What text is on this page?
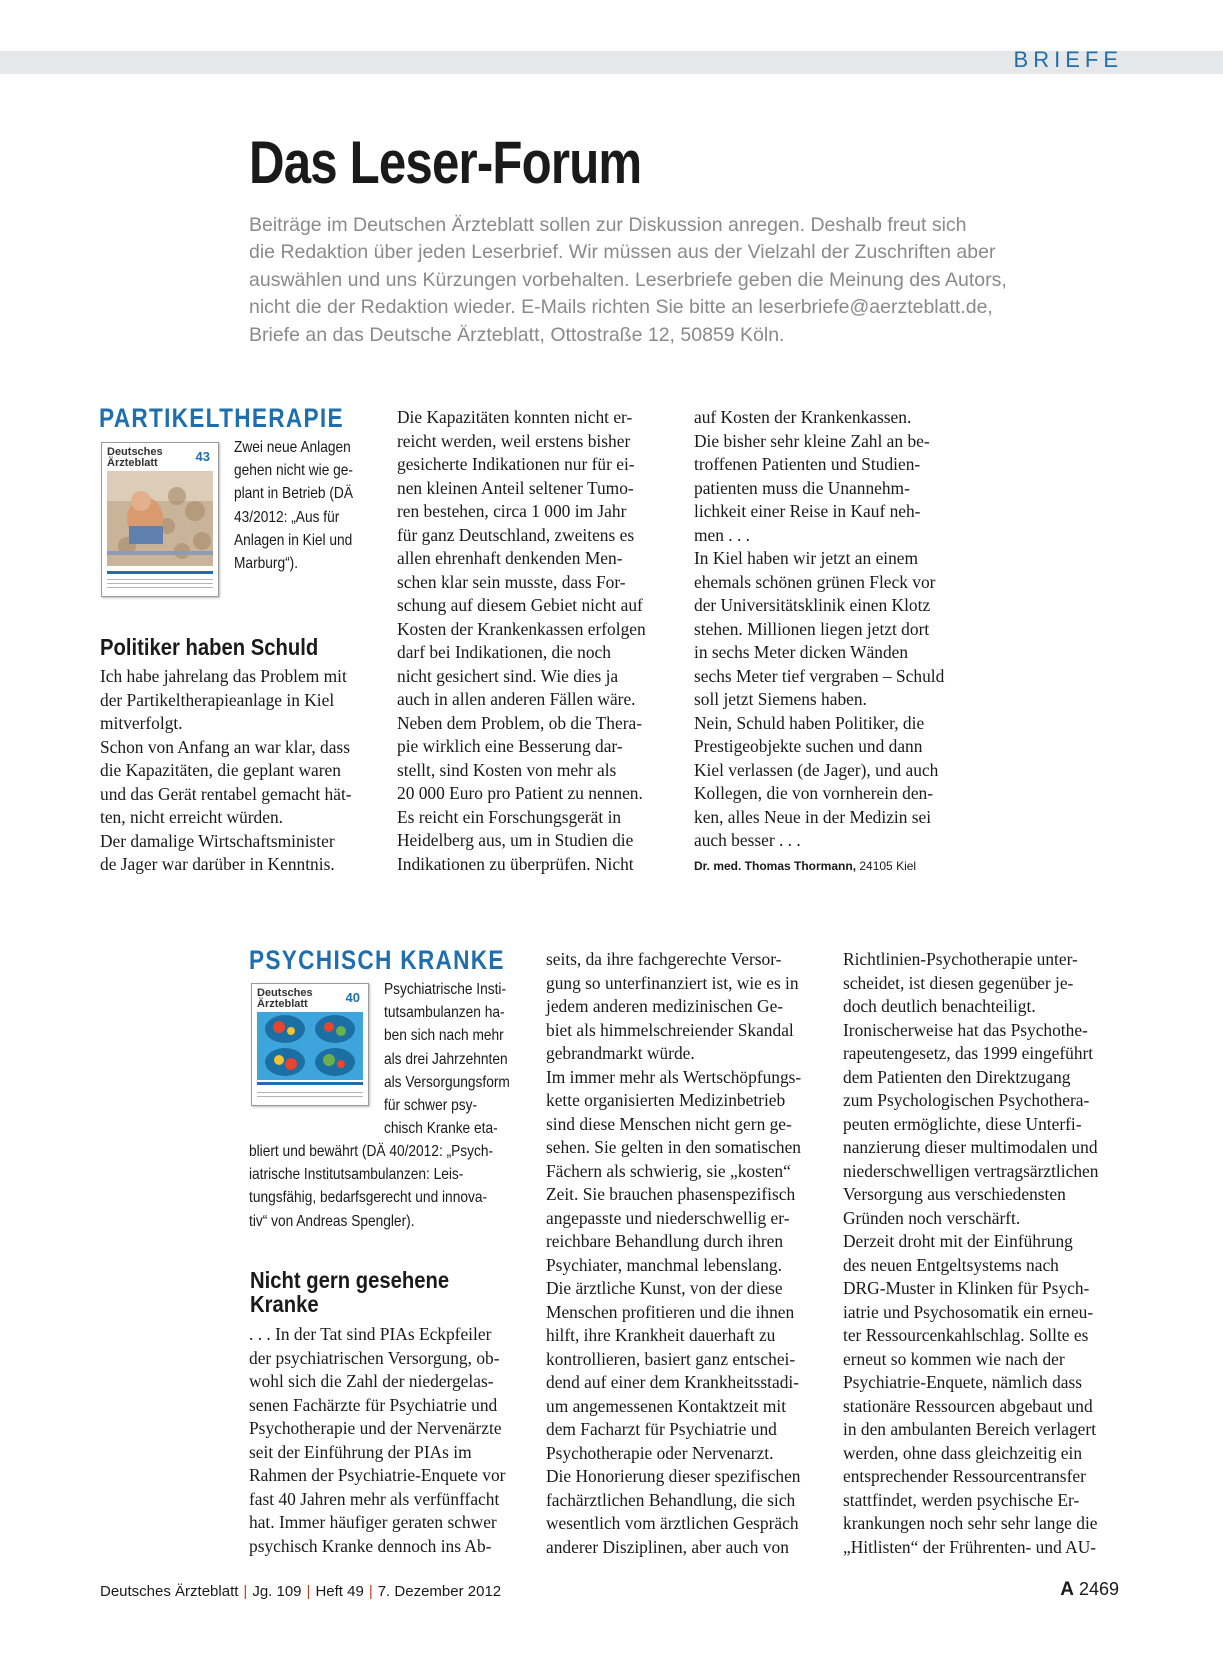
BRIEFE
Das Leser-Forum
Beiträge im Deutschen Ärzteblatt sollen zur Diskussion anregen. Deshalb freut sich
die Redaktion über jeden Leserbrief. Wir müssen aus der Vielzahl der Zuschriften aber
auswählen und uns Kürzungen vorbehalten. Leserbriefe geben die Meinung des Autors,
nicht die der Redaktion wieder. E-Mails richten Sie bitte an leserbriefe@aerzteblatt.de,
Briefe an das Deutsche Ärzteblatt, Ottostraße 12, 50859 Köln.
PARTIKELTHERAPIE
Deutsches
Ärzteblatt	43
Zwei neue Anlagen
gehen nicht wie ge-
plant in Betrieb (DÄ
43/2012: „Aus für
Anlagen in Kiel und
Marburg“).
Politiker haben Schuld
Ich habe jahrelang das Problem mit
der Partikeltherapieanlage in Kiel
mitverfolgt.
Schon von Anfang an war klar, dass
die Kapazitäten, die geplant waren
und das Gerät rentabel gemacht hät-
ten, nicht erreicht würden.
Der damalige Wirtschaftsminister
de Jager war darüber in Kenntnis.
Die Kapazitäten konnten nicht er-
reicht werden, weil erstens bisher
gesicherte Indikationen nur für ei-
nen kleinen Anteil seltener Tumo-
ren bestehen, circa 1 000 im Jahr
für ganz Deutschland, zweitens es
allen ehrenhaft denkenden Men-
schen klar sein musste, dass For-
schung auf diesem Gebiet nicht auf
Kosten der Krankenkassen erfolgen
darf bei Indikationen, die noch
nicht gesichert sind. Wie dies ja
auch in allen anderen Fällen wäre.
Neben dem Problem, ob die Thera-
pie wirklich eine Besserung dar-
stellt, sind Kosten von mehr als
20 000 Euro pro Patient zu nennen.
Es reicht ein Forschungsgerät in
Heidelberg aus, um in Studien die
Indikationen zu überprüfen. Nicht
auf Kosten der Krankenkassen.
Die bisher sehr kleine Zahl an be-
troffenen Patienten und Studien-
patienten muss die Unannehm-
lichkeit einer Reise in Kauf neh-
men . . .
In Kiel haben wir jetzt an einem
ehemals schönen grünen Fleck vor
der Universitätsklinik einen Klotz
stehen. Millionen liegen jetzt dort
in sechs Meter dicken Wänden
sechs Meter tief vergraben – Schuld
soll jetzt Siemens haben.
Nein, Schuld haben Politiker, die
Prestigeobjekte suchen und dann
Kiel verlassen (de Jager), und auch
Kollegen, die von vornherein den-
ken, alles Neue in der Medizin sei
auch besser . . .
Dr. med. Thomas Thormann, 24105 Kiel
PSYCHISCH KRANKE
Deutsches
Ärzteblatt	40 Psychiatrische Insti-
tutsambulanzen ha-
ben sich nach mehr
als drei Jahrzehnten
als Versorgungsform
für schwer psy-
chisch Kranke eta-
bliert und bewährt (DÄ 40/2012: „Psych-
iatrische Institutsambulanzen: Leis-
tungsfähig, bedarfsgerecht und innova-
tiv“ von Andreas Spengler).
Nicht gern gesehene
Kranke
. . . In der Tat sind PIAs Eckpfeiler
der psychiatrischen Versorgung, ob-
wohl sich die Zahl der niedergelas-
senen Fachärzte für Psychiatrie und
Psychotherapie und der Nervenärzte
seit der Einführung der PIAs im
Rahmen der Psychiatrie-Enquete vor
fast 40 Jahren mehr als verfünffacht
hat. Immer häufiger geraten schwer
psychisch Kranke dennoch ins Ab-
seits, da ihre fachgerechte Versor-
gung so unterfinanziert ist, wie es in
jedem anderen medizinischen Ge-
biet als himmelschreiender Skandal
gebrandmarkt würde.
Im immer mehr als Wertschöpfungs-
kette organisierten Medizinbetrieb
sind diese Menschen nicht gern ge-
sehen. Sie gelten in den somatischen
Fächern als schwierig, sie „kosten“
Zeit. Sie brauchen phasenspezifisch
angepasste und niederschwellig er-
reichbare Behandlung durch ihren
Psychiater, manchmal lebenslang.
Die ärztliche Kunst, von der diese
Menschen profitieren und die ihnen
hilft, ihre Krankheit dauerhaft zu
kontrollieren, basiert ganz entschei-
dend auf einer dem Krankheitsstadi-
um angemessenen Kontaktzeit mit
dem Facharzt für Psychiatrie und
Psychotherapie oder Nervenarzt.
Die Honorierung dieser spezifischen
fachärztlichen Behandlung, die sich
wesentlich vom ärztlichen Gespräch
anderer Disziplinen, aber auch von
Richtlinien-Psychotherapie unter-
scheidet, ist diesen gegenüber je-
doch deutlich benachteiligt.
Ironischerweise hat das Psychothe-
rapeutengesetz, das 1999 eingeführt
dem Patienten den Direktzugang
zum Psychologischen Psychothera-
peuten ermöglichte, diese Unterfi-
nanzierung dieser multimodalen und
niederschwelligen vertragsärztlichen
Versorgung aus verschiedensten
Gründen noch verschärft.
Derzeit droht mit der Einführung
des neuen Entgeltsystems nach
DRG-Muster in Klinken für Psych-
iatrie und Psychosomatik ein erneu-
ter Ressourcenkahlschlag. Sollte es
erneut so kommen wie nach der
Psychiatrie-Enquete, nämlich dass
stationäre Ressourcen abgebaut und
in den ambulanten Bereich verlagert
werden, ohne dass gleichzeitig ein
entsprechender Ressourcentransfer
stattfindet, werden psychische Er-
krankungen noch sehr sehr lange die
„Hitlisten“ der Frührenten- und AU-
Deutsches Ärzteblatt | Jg. 109 | Heft 49 | 7. Dezember 2012	A 2469
